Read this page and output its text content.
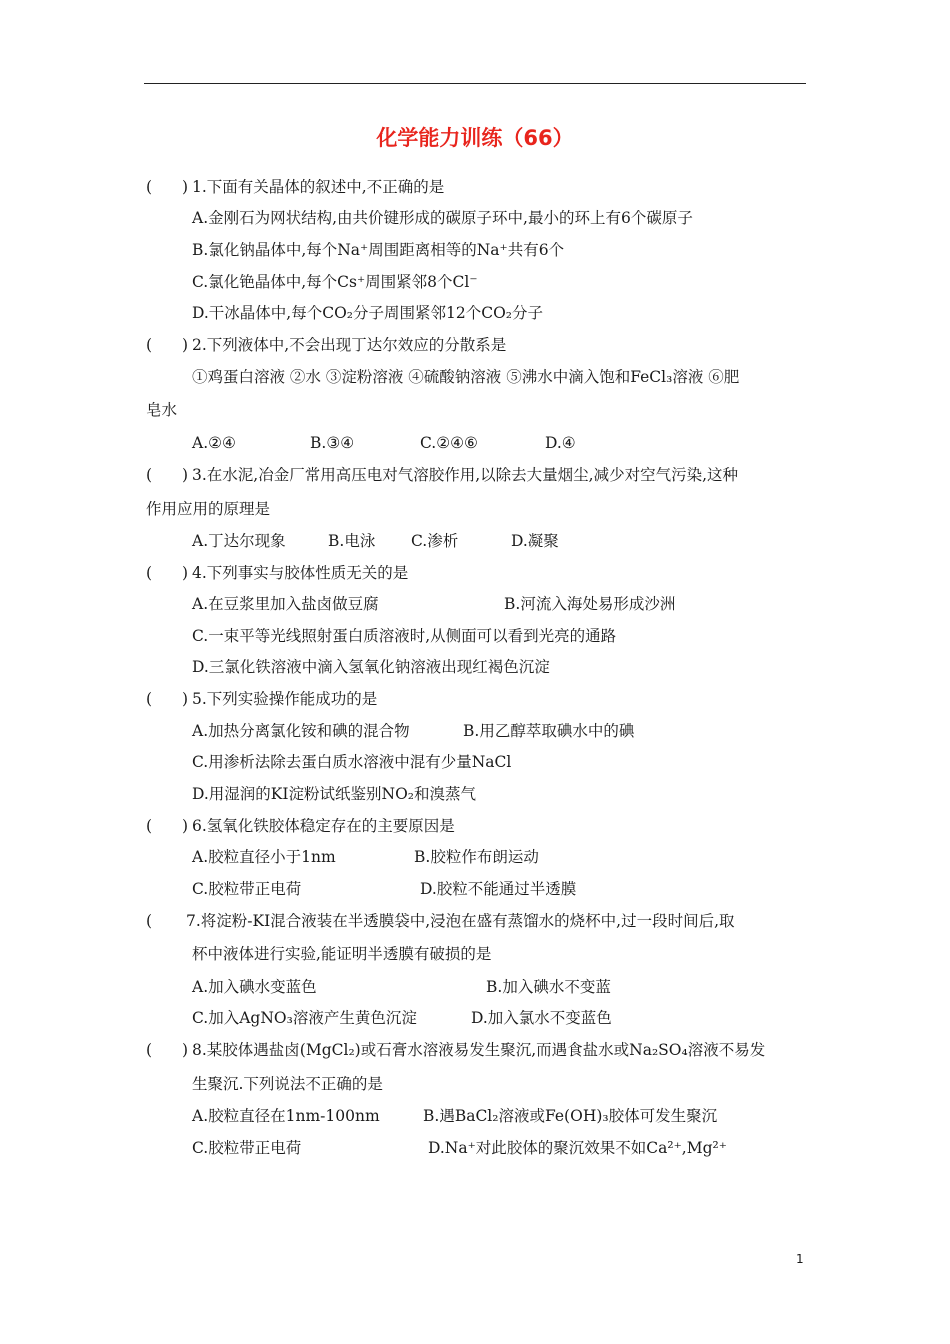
化学能力训练（66）
( ) 1.下面有关晶体的叙述中,不正确的是
A.金刚石为网状结构,由共价键形成的碳原子环中,最小的环上有6个碳原子
B.氯化钠晶体中,每个Na⁺周围距离相等的Na⁺共有6个
C.氯化铯晶体中,每个Cs⁺周围紧邻8个Cl⁻
D.干冰晶体中,每个CO₂分子周围紧邻12个CO₂分子
( ) 2.下列液体中,不会出现丁达尔效应的分散系是
①鸡蛋白溶液 ②水 ③淀粉溶液 ④硫酸钠溶液 ⑤沸水中滴入饱和FeCl₃溶液 ⑥肥
皂水
A.②④	B.③④	C.②④⑥	D.④
( ) 3.在水泥,冶金厂常用高压电对气溶胶作用,以除去大量烟尘,减少对空气污染,这种
作用应用的原理是
A.丁达尔现象	B.电泳 C.渗析	D.凝聚
( ) 4.下列事实与胶体性质无关的是
A.在豆浆里加入盐卤做豆腐	B.河流入海处易形成沙洲
C.一束平等光线照射蛋白质溶液时,从侧面可以看到光亮的通路
D.三氯化铁溶液中滴入氢氧化钠溶液出现红褐色沉淀
( ) 5.下列实验操作能成功的是
A.加热分离氯化铵和碘的混合物	B.用乙醇萃取碘水中的碘
C.用渗析法除去蛋白质水溶液中混有少量NaCl
D.用湿润的KI淀粉试纸鉴别NO₂和溴蒸气
( ) 6.氢氧化铁胶体稳定存在的主要原因是
A.胶粒直径小于1nm	B.胶粒作布朗运动
C.胶粒带正电荷	D.胶粒不能通过半透膜
( 7.将淀粉-KI混合液装在半透膜袋中,浸泡在盛有蒸馏水的烧杯中,过一段时间后,取
杯中液体进行实验,能证明半透膜有破损的是
A.加入碘水变蓝色	B.加入碘水不变蓝
C.加入AgNO₃溶液产生黄色沉淀	D.加入氯水不变蓝色
( ) 8.某胶体遇盐卤(MgCl₂)或石膏水溶液易发生聚沉,而遇食盐水或Na₂SO₄溶液不易发
生聚沉.下列说法不正确的是
A.胶粒直径在1nm-100nm	B.遇BaCl₂溶液或Fe(OH)₃胶体可发生聚沉
C.胶粒带正电荷	D.Na⁺对此胶体的聚沉效果不如Ca²⁺,Mg²⁺
1
